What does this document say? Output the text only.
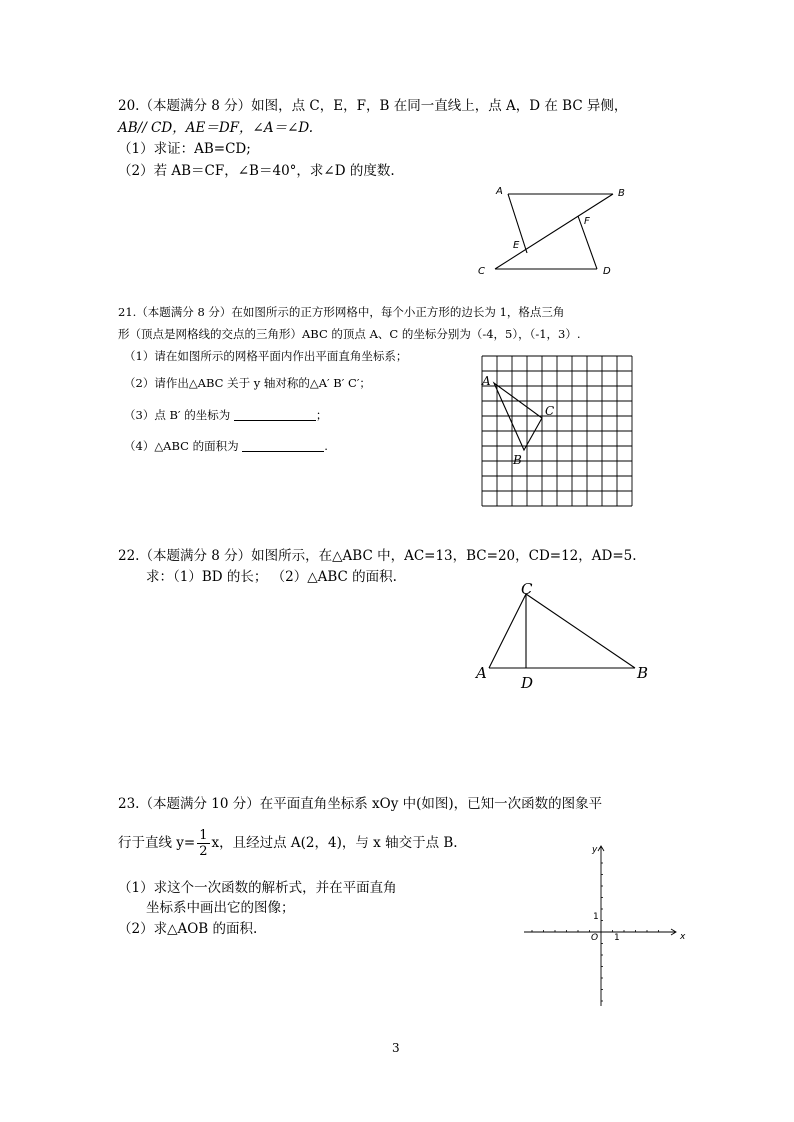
20.（本题满分 8 分）如图，点 C，E，F，B 在同一直线上，点 A，D 在 BC 异侧，
AB// CD，AE＝DF，∠A＝∠D.
（1）求证：AB=CD;
（2）若 AB＝CF，∠B＝40°，求∠D 的度数.
A	B
C	D
E
F
21.（本题满分 8 分）在如图所示的正方形网格中，每个小正方形的边长为 1，格点三角
形（顶点是网格线的交点的三角形）ABC 的顶点 A、C 的坐标分别为（-4，5），（-1，3）.
（1）请在如图所示的网格平面内作出平面直角坐标系；
（2）请作出△ABC 关于 y 轴对称的△A′ B′ C′；
（3）点 B′ 的坐标为	；
（4）△ABC 的面积为	.
A
C
B
22.（本题满分 8 分）如图所示，在△ABC 中，AC=13，BC=20，CD=12，AD=5.
求：（1）BD 的长； （2）△ABC 的面积.
C
A
D
B
23.（本题满分 10 分）在平面直角坐标系 xOy 中(如图)，已知一次函数的图象平
行于直线 $y= \frac{1}{2}$ x，且经过点 A(2，4)，与 x 轴交于点 B.
（1）求这个一次函数的解析式，并在平面直角
坐标系中画出它的图像；
（2）求△AOB 的面积.	x
y
O 1
1
3
